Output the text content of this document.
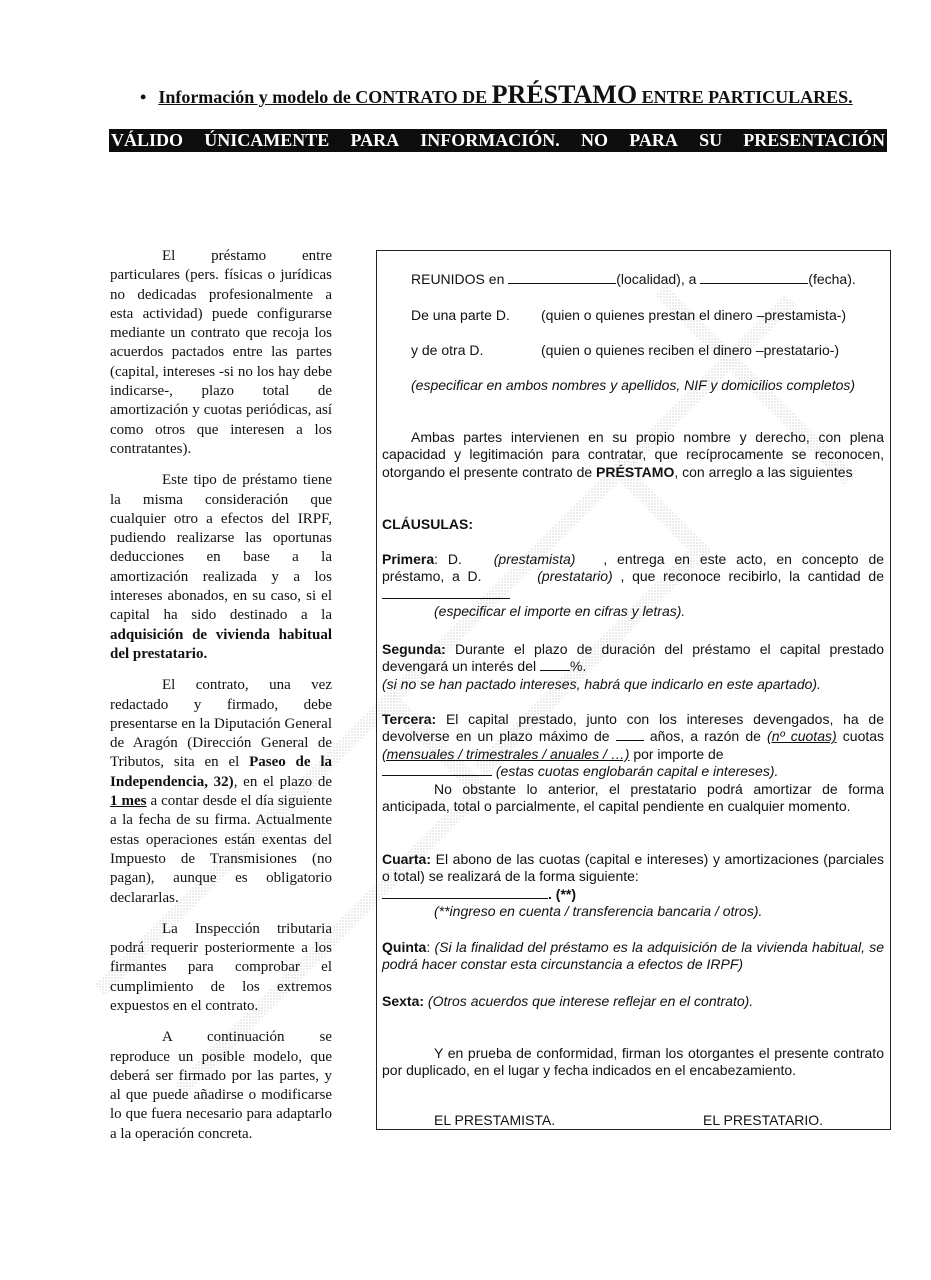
• Información y modelo de CONTRATO DE PRÉSTAMO ENTRE PARTICULARES.
VÁLIDO ÚNICAMENTE PARA INFORMACIÓN. NO PARA SU PRESENTACIÓN

El préstamo entre particulares (pers. físicas o jurídicas no dedicadas profesionalmente a esta actividad) puede configurarse mediante un contrato que recoja los acuerdos pactados entre las partes (capital, intereses -si no los hay debe indicarse-, plazo total de amortización y cuotas periódicas, así como otros que interesen a los contratantes).

Este tipo de préstamo tiene la misma consideración que cualquier otro a efectos del IRPF, pudiendo realizarse las oportunas deducciones en base a la amortización realizada y a los intereses abonados, en su caso, si el capital ha sido destinado a la adquisición de vivienda habitual del prestatario.

El contrato, una vez redactado y firmado, debe presentarse en la Diputación General de Aragón (Dirección General de Tributos, sita en el Paseo de la Independencia, 32), en el plazo de 1 mes a contar desde el día siguiente a la fecha de su firma. Actualmente estas operaciones están exentas del Impuesto de Transmisiones (no pagan), aunque es obligatorio declararlas.

La Inspección tributaria podrá requerir posteriormente a los firmantes para comprobar el cumplimiento de los extremos expuestos en el contrato.

A continuación se reproduce un posible modelo, que deberá ser firmado por las partes, y al que puede añadirse o modificarse lo que fuera necesario para adaptarlo a la operación concreta.

REUNIDOS en	(localidad), a	(fecha).
De una parte D. (quien o quienes prestan el dinero –prestamista-)
y de otra D.	(quien o quienes reciben el dinero –prestatario-)
(especificar en ambos nombres y apellidos, NIF y domicilios completos)
Ambas partes intervienen en su propio nombre y derecho, con plena capacidad y legitimación para contratar, que recíprocamente se reconocen, otorgando el presente contrato de PRÉSTAMO, con arreglo a las siguientes
CLÁUSULAS:
Primera: D. (prestamista) , entrega en este acto, en concepto de préstamo, a D.	(prestatario) , que reconoce recibirlo, la cantidad de
(especificar el importe en cifras y letras).
Segunda: Durante el plazo de duración del préstamo el capital prestado devengará un interés del %.
(si no se han pactado intereses, habrá que indicarlo en este apartado).
Tercera: El capital prestado, junto con los intereses devengados, ha de devolverse en un plazo máximo de	años, a razón de (nº cuotas) cuotas (mensuales / trimestrales / anuales / …) por importe de
(estas cuotas englobarán capital e intereses).
No obstante lo anterior, el prestatario podrá amortizar de forma anticipada, total o parcialmente, el capital pendiente en cualquier momento.
Cuarta: El abono de las cuotas (capital e intereses) y amortizaciones (parciales o total) se realizará de la forma siguiente:
. (**)
(**ingreso en cuenta / transferencia bancaria / otros).
Quinta: (Si la finalidad del préstamo es la adquisición de la vivienda habitual, se podrá hacer constar esta circunstancia a efectos de IRPF)
Sexta: (Otros acuerdos que interese reflejar en el contrato).
Y en prueba de conformidad, firman los otorgantes el presente contrato por duplicado, en el lugar y fecha indicados en el encabezamiento.
EL PRESTAMISTA.	EL PRESTATARIO.
